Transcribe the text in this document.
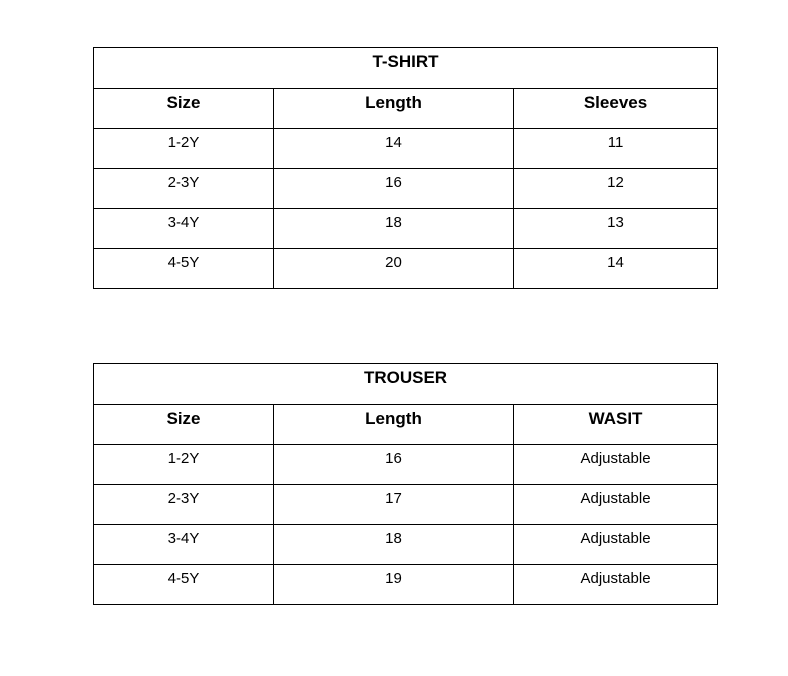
T-SHIRT		
Size	Length	Sleeves
1-2Y	14	11
2-3Y	16	12
3-4Y	18	13
4-5Y	20	14
TROUSER		
Size	Length	WASIT
1-2Y	16	Adjustable
2-3Y	17	Adjustable
3-4Y	18	Adjustable
4-5Y	19	Adjustable
